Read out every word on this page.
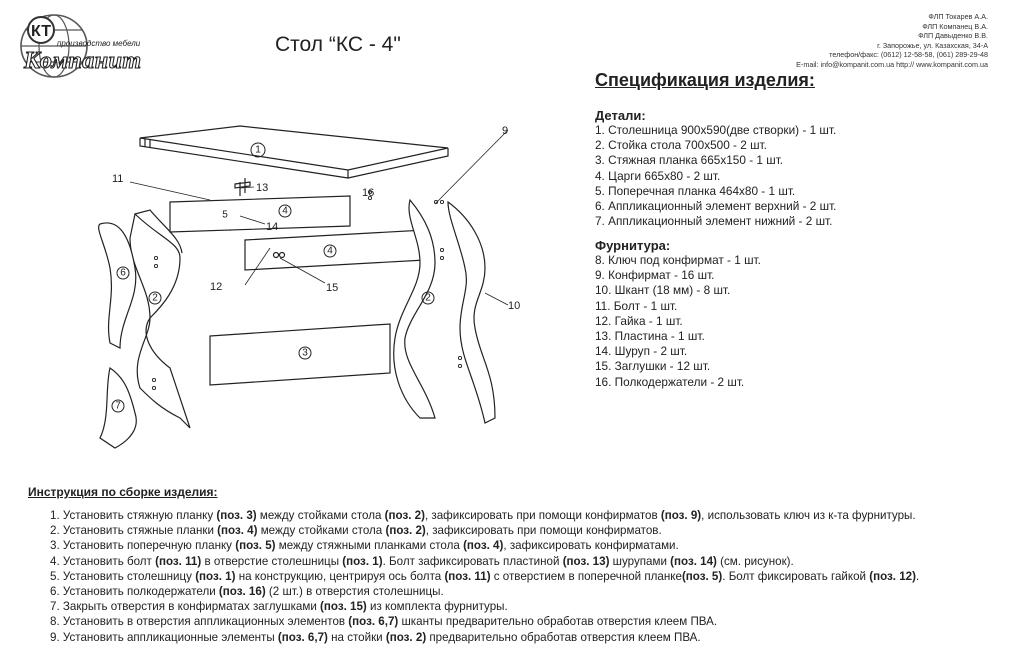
КТ
производство мебели
Компанит
Стол “КС - 4"
ФЛП Токарев А.А.
ФЛП Компанец В.А.
ФЛП Давыденко В.В.
г. Запорожье, ул. Казахская, 34-А
телефон/факс: (0612) 12-58-58, (061) 289-29-48
E-mail: info@kompanit.com.ua http:// www.kompanit.com.ua
Спецификация изделия:
Детали:
1. Столешница 900х590(две створки) - 1 шт.
2. Стойка стола 700х500 - 2 шт.
3. Стяжная планка 665х150 - 1 шт.
4. Царги 665х80 - 2 шт.
5. Поперечная планка 464х80 - 1 шт.
6. Аппликационный элемент верхний - 2 шт.
7. Аппликационный элемент нижний - 2 шт.
Фурнитура:
8. Ключ под конфирмат - 1 шт.
9. Конфирмат - 16 шт.
10. Шкант (18 мм) - 8 шт.
11. Болт - 1 шт.
12. Гайка - 1 шт.
13. Пластина - 1 шт.
14. Шуруп - 2 шт.
15. Заглушки - 12 шт.
16. Полкодержатели - 2 шт.
1
2	2
3
4
4
5
6
7
9
10
11
12
13
14
15
16
Инструкция по сборке изделия:
1. Установить стяжную планку (поз. 3) между стойками стола (поз. 2), зафиксировать при помощи конфирматов (поз. 9), использовать ключ из к-та фурнитуры.
2. Установить стяжные планки (поз. 4) между стойками стола (поз. 2), зафиксировать при помощи конфирматов.
3. Установить поперечную планку (поз. 5) между стяжными планками стола (поз. 4), зафиксировать конфирматами.
4. Установить болт (поз. 11) в отверстие столешницы (поз. 1). Болт зафиксировать пластиной (поз. 13) шурупами (поз. 14) (см. рисунок).
5. Установить столешницу (поз. 1) на конструкцию, центрируя ось болта (поз. 11) с отверстием в поперечной планке(поз. 5). Болт фиксировать гайкой (поз. 12).
6. Установить полкодержатели (поз. 16) (2 шт.) в отверстия столешницы.
7. Закрыть отверстия в конфирматах заглушками (поз. 15) из комплекта фурнитуры.
8. Установить в отверстия аппликационных элементов (поз. 6,7) шканты предварительно обработав отверстия клеем ПВА.
9. Установить аппликационные элементы (поз. 6,7) на стойки (поз. 2) предварительно обработав отверстия клеем ПВА.
